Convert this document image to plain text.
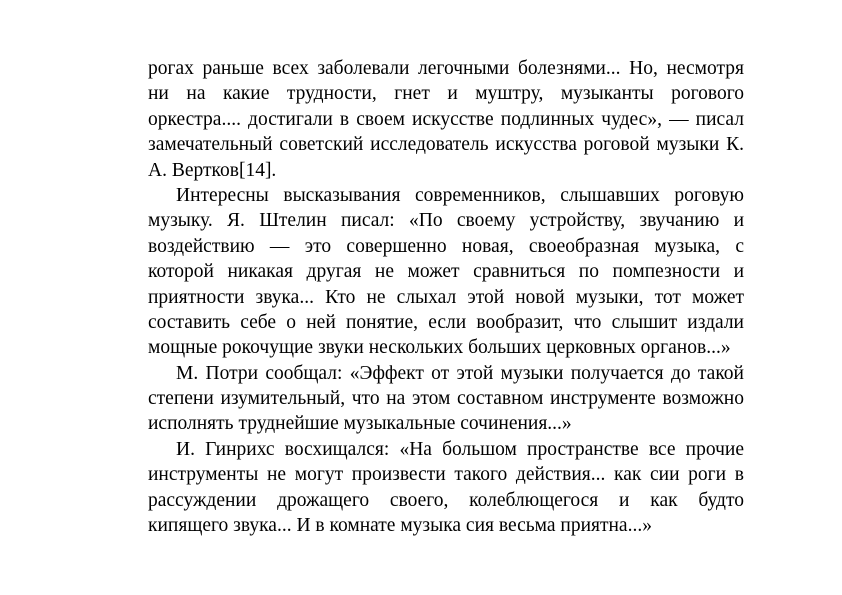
рогах раньше всех заболевали легочными болезнями... Но, несмотря
ни на какие трудности, гнет и муштру, музыканты рогового
оркестра.... достигали в своем искусстве подлинных чудес», — писал
замечательный советский исследователь искусства роговой музыки К.
А. Вертков[14].
Интересны высказывания современников, слышавших роговую
музыку. Я. Штелин писал: «По своему устройству, звучанию и
воздействию — это совершенно новая, своеобразная музыка, с
которой никакая другая не может сравниться по помпезности и
приятности звука... Кто не слыхал этой новой музыки, тот может
составить себе о ней понятие, если вообразит, что слышит издали
мощные рокочущие звуки нескольких больших церковных органов...»
М. Потри сообщал: «Эффект от этой музыки получается до такой
степени изумительный, что на этом составном инструменте возможно
исполнять труднейшие музыкальные сочинения...»
И. Гинрихс восхищался: «На большом пространстве все прочие
инструменты не могут произвести такого действия... как сии роги в
рассуждении дрожащего своего, колеблющегося и как будто
кипящего звука... И в комнате музыка сия весьма приятна...»
